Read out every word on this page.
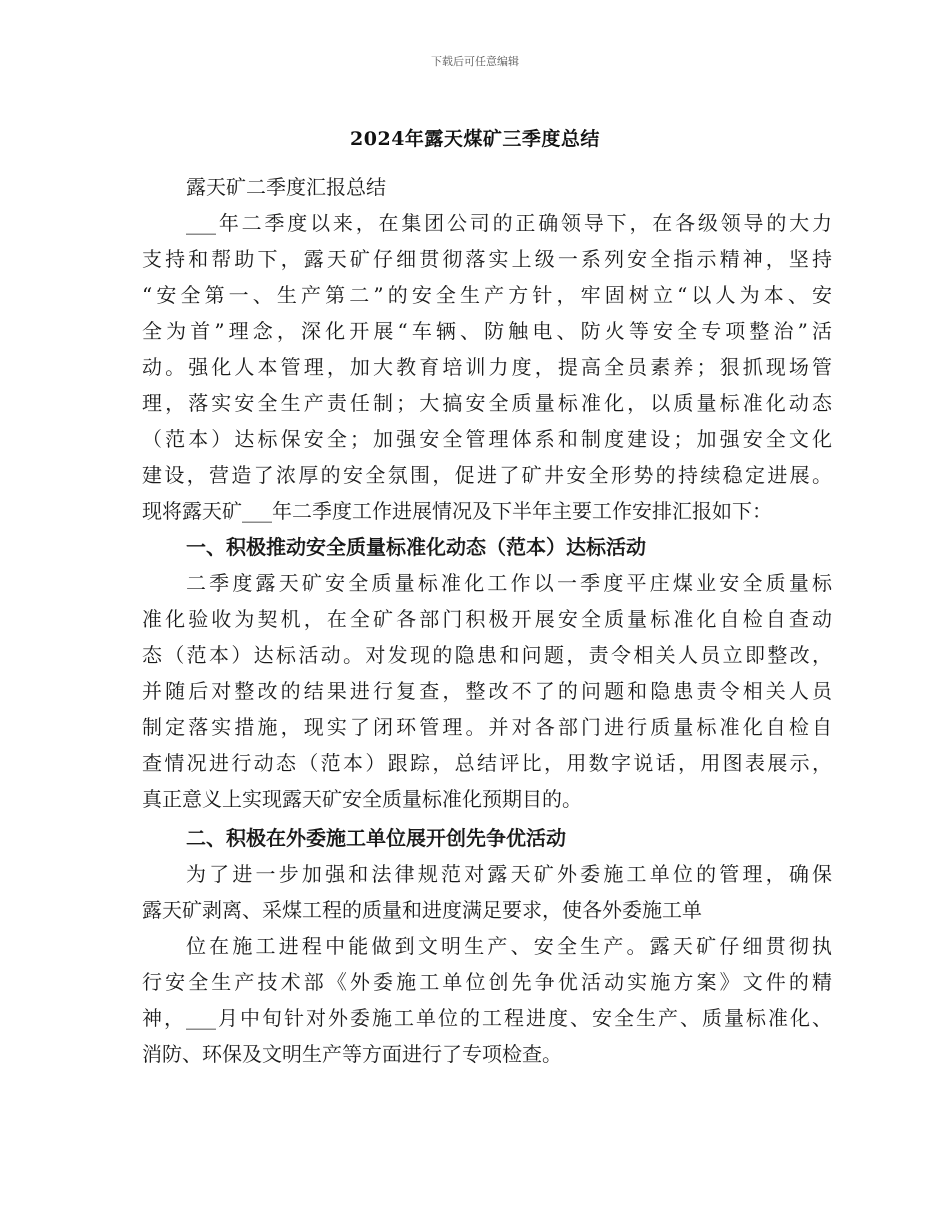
下载后可任意编辑
2024年露天煤矿三季度总结
露天矿二季度汇报总结
___年二季度以来，在集团公司的正确领导下，在各级领导的大力
支持和帮助下，露天矿仔细贯彻落实上级一系列安全指示精神，坚持
“安全第一、生产第二”的安全生产方针，牢固树立“以人为本、安
全为首”理念，深化开展“车辆、防触电、防火等安全专项整治”活
动。强化人本管理，加大教育培训力度，提高全员素养；狠抓现场管
理，落实安全生产责任制；大搞安全质量标准化，以质量标准化动态
（范本）达标保安全；加强安全管理体系和制度建设；加强安全文化
建设，营造了浓厚的安全氛围，促进了矿井安全形势的持续稳定进展。
现将露天矿___年二季度工作进展情况及下半年主要工作安排汇报如下：
一、积极推动安全质量标准化动态（范本）达标活动
二季度露天矿安全质量标准化工作以一季度平庄煤业安全质量标
准化验收为契机，在全矿各部门积极开展安全质量标准化自检自查动
态（范本）达标活动。对发现的隐患和问题，责令相关人员立即整改，
并随后对整改的结果进行复查，整改不了的问题和隐患责令相关人员
制定落实措施，现实了闭环管理。并对各部门进行质量标准化自检自
查情况进行动态（范本）跟踪，总结评比，用数字说话，用图表展示，
真正意义上实现露天矿安全质量标准化预期目的。
二、积极在外委施工单位展开创先争优活动
为了进一步加强和法律规范对露天矿外委施工单位的管理，确保
露天矿剥离、采煤工程的质量和进度满足要求，使各外委施工单
位在施工进程中能做到文明生产、安全生产。露天矿仔细贯彻执
行安全生产技术部《外委施工单位创先争优活动实施方案》文件的精
神，___月中旬针对外委施工单位的工程进度、安全生产、质量标准化、
消防、环保及文明生产等方面进行了专项检查。
